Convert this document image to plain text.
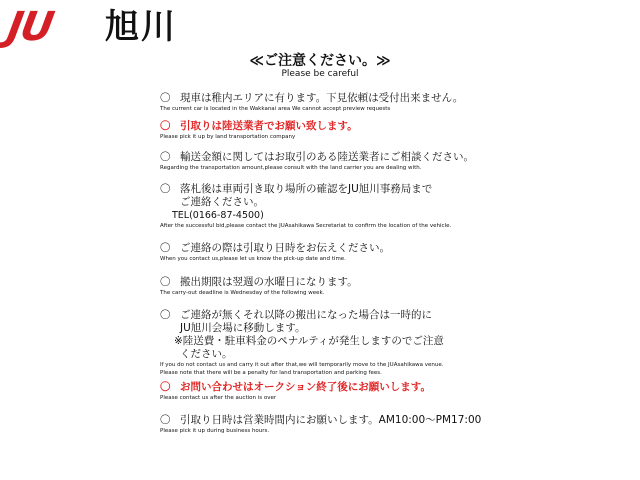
JU 旭川
≪ご注意ください。≫
Please be careful
〇 現車は稚内エリアに有ります。下見依頼は受付出来ません。
The current car is located in the Wakkanai area We cannot accept preview requests
〇 引取りは陸送業者でお願い致します。
Please pick it up by land transportation company
〇 輸送金額に関してはお取引のある陸送業者にご相談ください。
Regarding the transportation amount,please consult with the land carrier you are dealing with.
〇 落札後は車両引き取り場所の確認をJU旭川事務局まで
ご連絡ください。
TEL(0166-87-4500)
After the successful bid,please contact the JUAsahikawa Secretariat to confirm the location of the vehicle.
〇 ご連絡の際は引取り日時をお伝えください。
When you contact us,please let us know the pick-up date and time.
〇 搬出期限は翌週の水曜日になります。
The carry-out deadline is Wednesday of the following week.
〇 ご連絡が無くそれ以降の搬出になった場合は一時的に
JU旭川会場に移動します。
※陸送費・駐車料金のペナルティが発生しますのでご注意
ください。
If you do not contact us and carry it out after that,we will temporarily move to the JUAsahikawa venue.
Please note that there will be a penalty for land transportation and parking fees.
〇 お問い合わせはオークション終了後にお願いします。
Please contact us after the auction is over
〇 引取り日時は営業時間内にお願いします。AM10:00～PM17:00
Please pick it up during business hours.
